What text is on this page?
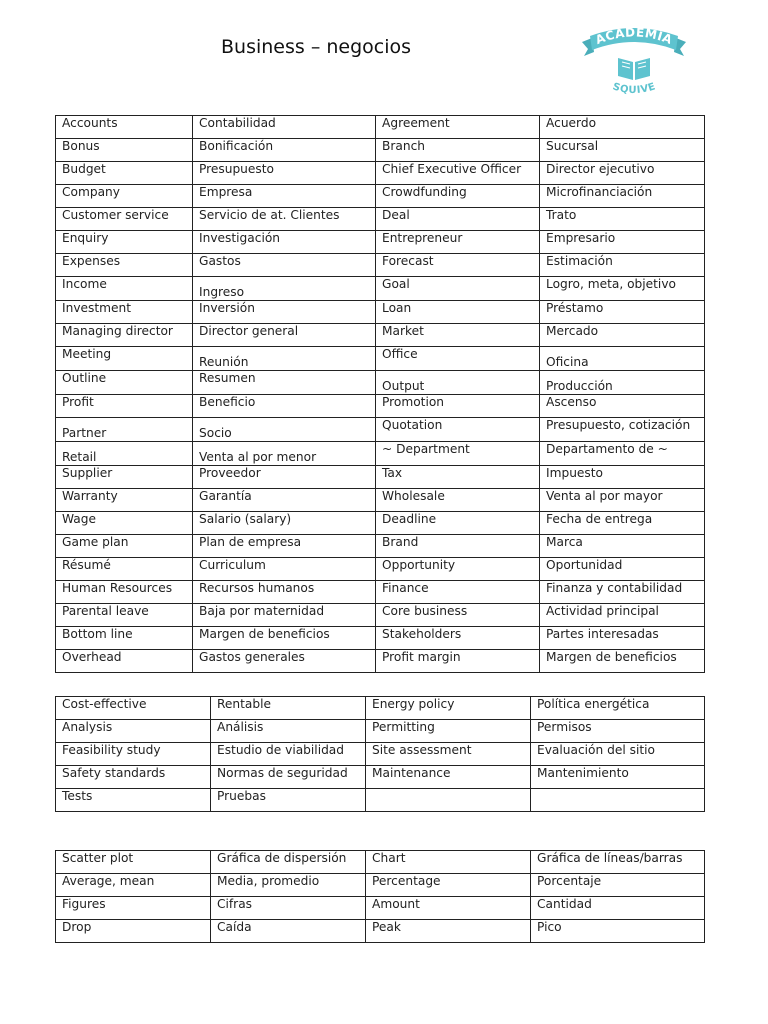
Business – negocios	ACADEMIA
SQUIVE
Accounts	Contabilidad	Agreement	Acuerdo
Bonus	Bonificación	Branch	Sucursal
Budget	Presupuesto	Chief Executive Officer	Director ejecutivo
Company	Empresa	Crowdfunding	Microfinanciación
Customer service	Servicio de at. Clientes	Deal	Trato
Enquiry	Investigación	Entrepreneur	Empresario
Expenses	Gastos	Forecast	Estimación
Income	Ingreso	Goal	Logro, meta, objetivo
Investment	Inversión	Loan	Préstamo
Managing director	Director general	Market	Mercado
Meeting	Reunión	Office	Oficina
Outline	Resumen	Output	Producción
Profit	Beneficio	Promotion	Ascenso
Partner	Socio	Quotation	Presupuesto, cotización
Retail	Venta al por menor	~ Department	Departamento de ~
Supplier	Proveedor	Tax	Impuesto
Warranty	Garantía	Wholesale	Venta al por mayor
Wage	Salario (salary)	Deadline	Fecha de entrega
Game plan	Plan de empresa	Brand	Marca
Résumé	Curriculum	Opportunity	Oportunidad
Human Resources	Recursos humanos	Finance	Finanza y contabilidad
Parental leave	Baja por maternidad	Core business	Actividad principal
Bottom line	Margen de beneficios	Stakeholders	Partes interesadas
Overhead	Gastos generales	Profit margin	Margen de beneficios
Cost-effective	Rentable	Energy policy	Política energética
Analysis	Análisis	Permitting	Permisos
Feasibility study	Estudio de viabilidad	Site assessment	Evaluación del sitio
Safety standards	Normas de seguridad	Maintenance	Mantenimiento
Tests	Pruebas		
Scatter plot	Gráfica de dispersión	Chart	Gráfica de líneas/barras
Average, mean	Media, promedio	Percentage	Porcentaje
Figures	Cifras	Amount	Cantidad
Drop	Caída	Peak	Pico
